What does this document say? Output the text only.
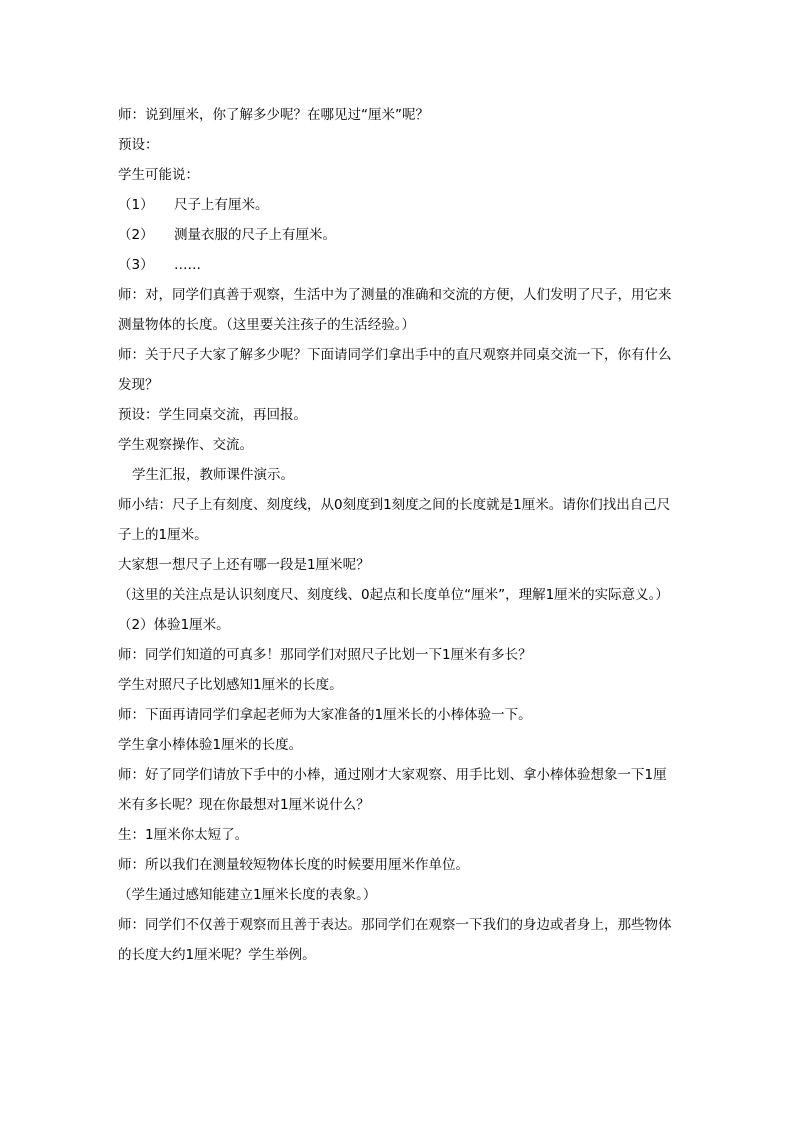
师：说到厘米，你了解多少呢？在哪见过“厘米”呢？

预设：

学生可能说：

（1）	尺子上有厘米。
（2）	测量衣服的尺子上有厘米。
（3）	……

师：对，同学们真善于观察，生活中为了测量的准确和交流的方便，人们发明了尺子，用它来测量物体的长度。（这里要关注孩子的生活经验。）

师：关于尺子大家了解多少呢？下面请同学们拿出手中的直尺观察并同桌交流一下，你有什么发现？

预设：学生同桌交流，再回报。

学生观察操作、交流。

学生汇报，教师课件演示。

师小结：尺子上有刻度、刻度线，从0刻度到1刻度之间的长度就是1厘米。请你们找出自己尺子上的1厘米。

大家想一想尺子上还有哪一段是1厘米呢？

（这里的关注点是认识刻度尺、刻度线、0起点和长度单位“厘米”，理解1厘米的实际意义。）

（2）体验1厘米。

师：同学们知道的可真多！那同学们对照尺子比划一下1厘米有多长？

学生对照尺子比划感知1厘米的长度。

师：下面再请同学们拿起老师为大家准备的1厘米长的小棒体验一下。

学生拿小棒体验1厘米的长度。

师：好了同学们请放下手中的小棒，通过刚才大家观察、用手比划、拿小棒体验想象一下1厘米有多长呢？现在你最想对1厘米说什么？

生：1厘米你太短了。

师：所以我们在测量较短物体长度的时候要用厘米作单位。

（学生通过感知能建立1厘米长度的表象。）

师：同学们不仅善于观察而且善于表达。那同学们在观察一下我们的身边或者身上，那些物体的长度大约1厘米呢？学生举例。
